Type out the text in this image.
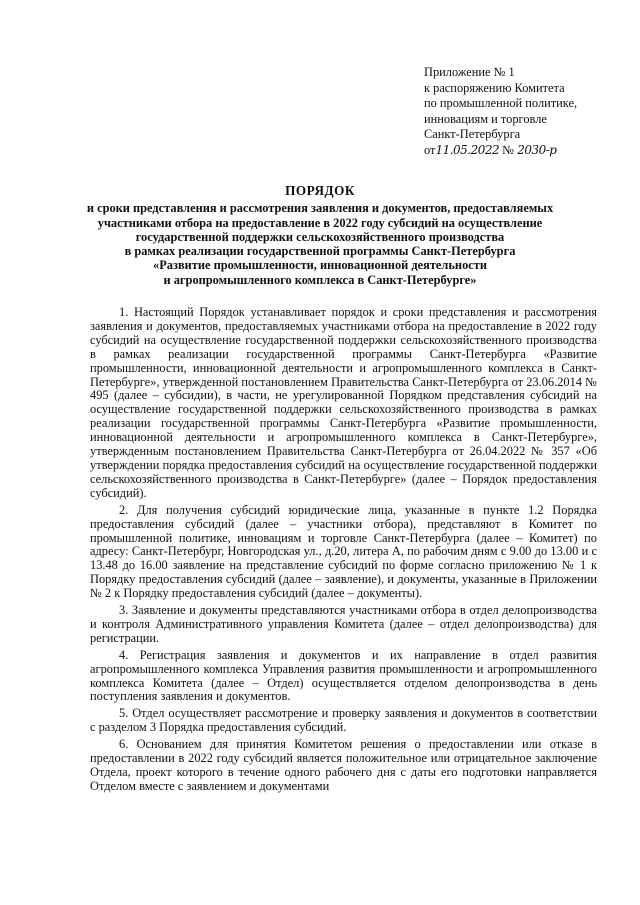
Приложение № 1
к распоряжению Комитета
по промышленной политике,
инновациям и торговле
Санкт-Петербурга
от11.05.2022 № 2030-р
ПОРЯДОК
и сроки представления и рассмотрения заявления и документов, предоставляемых
участниками отбора на предоставление в 2022 году субсидий на осуществление
государственной поддержки сельскохозяйственного производства
в рамках реализации государственной программы Санкт-Петербурга
«Развитие промышленности, инновационной деятельности
и агропромышленного комплекса в Санкт-Петербурге»

1. Настоящий Порядок устанавливает порядок и сроки представления и рассмотрения заявления и документов, предоставляемых участниками отбора на предоставление в 2022 году субсидий на осуществление государственной поддержки сельскохозяйственного производства в рамках реализации государственной программы Санкт-Петербурга «Развитие промышленности, инновационной деятельности и агропромышленного комплекса в Санкт-Петербурге», утвержденной постановлением Правительства Санкт-Петербурга от 23.06.2014 № 495 (далее – субсидии), в части, не урегулированной Порядком представления субсидий на осуществление государственной поддержки сельскохозяйственного производства в рамках реализации государственной программы Санкт-Петербурга «Развитие промышленности, инновационной деятельности и агропромышленного комплекса в Санкт-Петербурге», утвержденным постановлением Правительства Санкт-Петербурга от 26.04.2022 № 357 «Об утверждении порядка предоставления субсидий на осуществление государственной поддержки сельскохозяйственного производства в Санкт-Петербурге» (далее – Порядок предоставления субсидий).

2. Для получения субсидий юридические лица, указанные в пункте 1.2 Порядка предоставления субсидий (далее – участники отбора), представляют в Комитет по промышленной политике, инновациям и торговле Санкт-Петербурга (далее – Комитет) по адресу: Санкт-Петербург, Новгородская ул., д.20, литера А, по рабочим дням с 9.00 до 13.00 и с 13.48 до 16.00 заявление на представление субсидий по форме согласно приложению № 1 к Порядку предоставления субсидий (далее – заявление), и документы, указанные в Приложении № 2 к Порядку предоставления субсидий (далее – документы).

3. Заявление и документы представляются участниками отбора в отдел делопроизводства и контроля Административного управления Комитета (далее – отдел делопроизводства) для регистрации.

4. Регистрация заявления и документов и их направление в отдел развития агропромышленного комплекса Управления развития промышленности и агропромышленного комплекса Комитета (далее – Отдел) осуществляется отделом делопроизводства в день поступления заявления и документов.

5. Отдел осуществляет рассмотрение и проверку заявления и документов в соответствии с разделом 3 Порядка предоставления субсидий.

6. Основанием для принятия Комитетом решения о предоставлении или отказе в предоставлении в 2022 году субсидий является положительное или отрицательное заключение Отдела, проект которого в течение одного рабочего дня с даты его подготовки направляется Отделом вместе с заявлением и документами
